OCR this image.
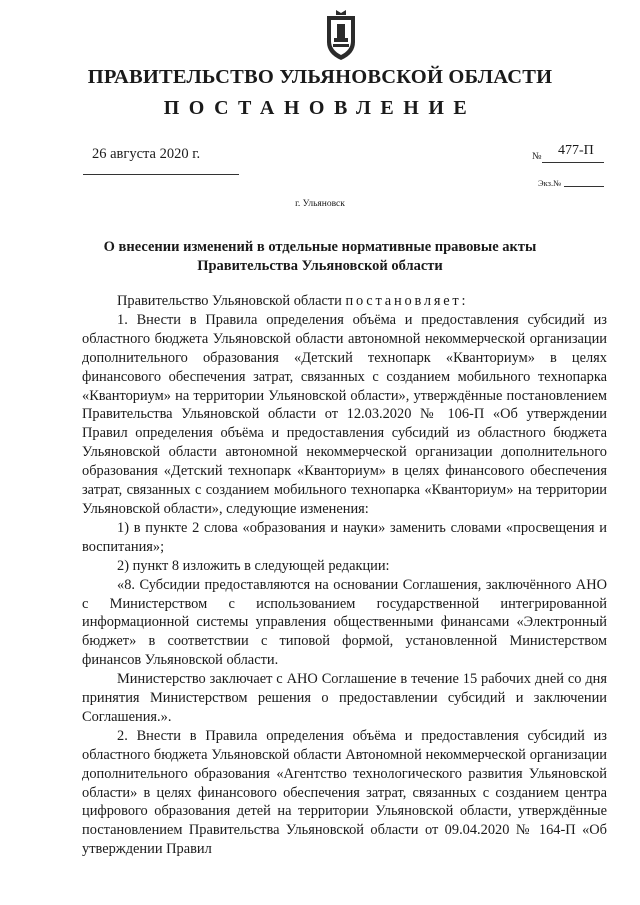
ПРАВИТЕЛЬСТВО УЛЬЯНОВСКОЙ ОБЛАСТИ
ПОСТАНОВЛЕНИЕ
26 августа 2020 г.	№ 477-П
Экз.№
г. Ульяновск
О внесении изменений в отдельные нормативные правовые акты
Правительства Ульяновской области

Правительство Ульяновской области постановляет:

1. Внести в Правила определения объёма и предоставления субсидий из областного бюджета Ульяновской области автономной некоммерческой организации дополнительного образования «Детский технопарк «Кванториум» в целях финансового обеспечения затрат, связанных с созданием мобильного технопарка «Кванториум» на территории Ульяновской области», утверждённые постановлением Правительства Ульяновской области от 12.03.2020 № 106-П «Об утверждении Правил определения объёма и предоставления субсидий из областного бюджета Ульяновской области автономной некоммерческой организации дополнительного образования «Детский технопарк «Кванториум» в целях финансового обеспечения затрат, связанных с созданием мобильного технопарка «Кванториум» на территории Ульяновской области», следующие изменения:

1) в пункте 2 слова «образования и науки» заменить словами «просвещения и воспитания»;

2) пункт 8 изложить в следующей редакции:

«8. Субсидии предоставляются на основании Соглашения, заключённого АНО с Министерством с использованием государственной интегрированной информационной системы управления общественными финансами «Электронный бюджет» в соответствии с типовой формой, установленной Министерством финансов Ульяновской области.

Министерство заключает с АНО Соглашение в течение 15 рабочих дней со дня принятия Министерством решения о предоставлении субсидий и заключении Соглашения.».

2. Внести в Правила определения объёма и предоставления субсидий из областного бюджета Ульяновской области Автономной некоммерческой организации дополнительного образования «Агентство технологического развития Ульяновской области» в целях финансового обеспечения затрат, связанных с созданием центра цифрового образования детей на территории Ульяновской области, утверждённые постановлением Правительства Ульяновской области от 09.04.2020 № 164-П «Об утверждении Правил
